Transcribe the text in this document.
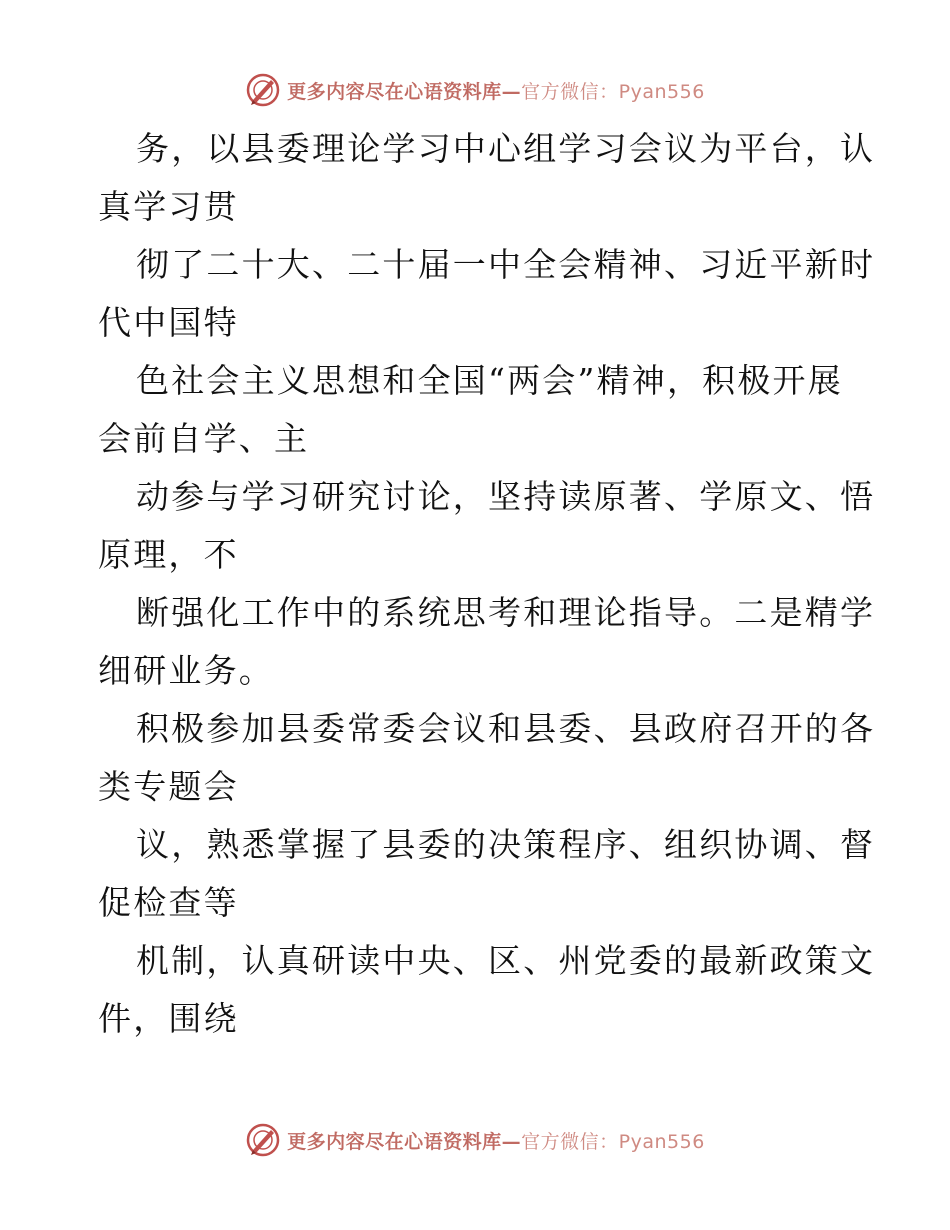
更多内容尽在心语资料库—官方微信：Pyan556
务，以县委理论学习中心组学习会议为平台，认
真学习贯
彻了二十大、二十届一中全会精神、习近平新时
代中国特
色社会主义思想和全国“两会”精神，积极开展
会前自学、主
动参与学习研究讨论，坚持读原著、学原文、悟
原理，不
断强化工作中的系统思考和理论指导。二是精学
细研业务。
积极参加县委常委会议和县委、县政府召开的各
类专题会
议，熟悉掌握了县委的决策程序、组织协调、督
促检查等
机制，认真研读中央、区、州党委的最新政策文
件，围绕
更多内容尽在心语资料库—官方微信：Pyan556
